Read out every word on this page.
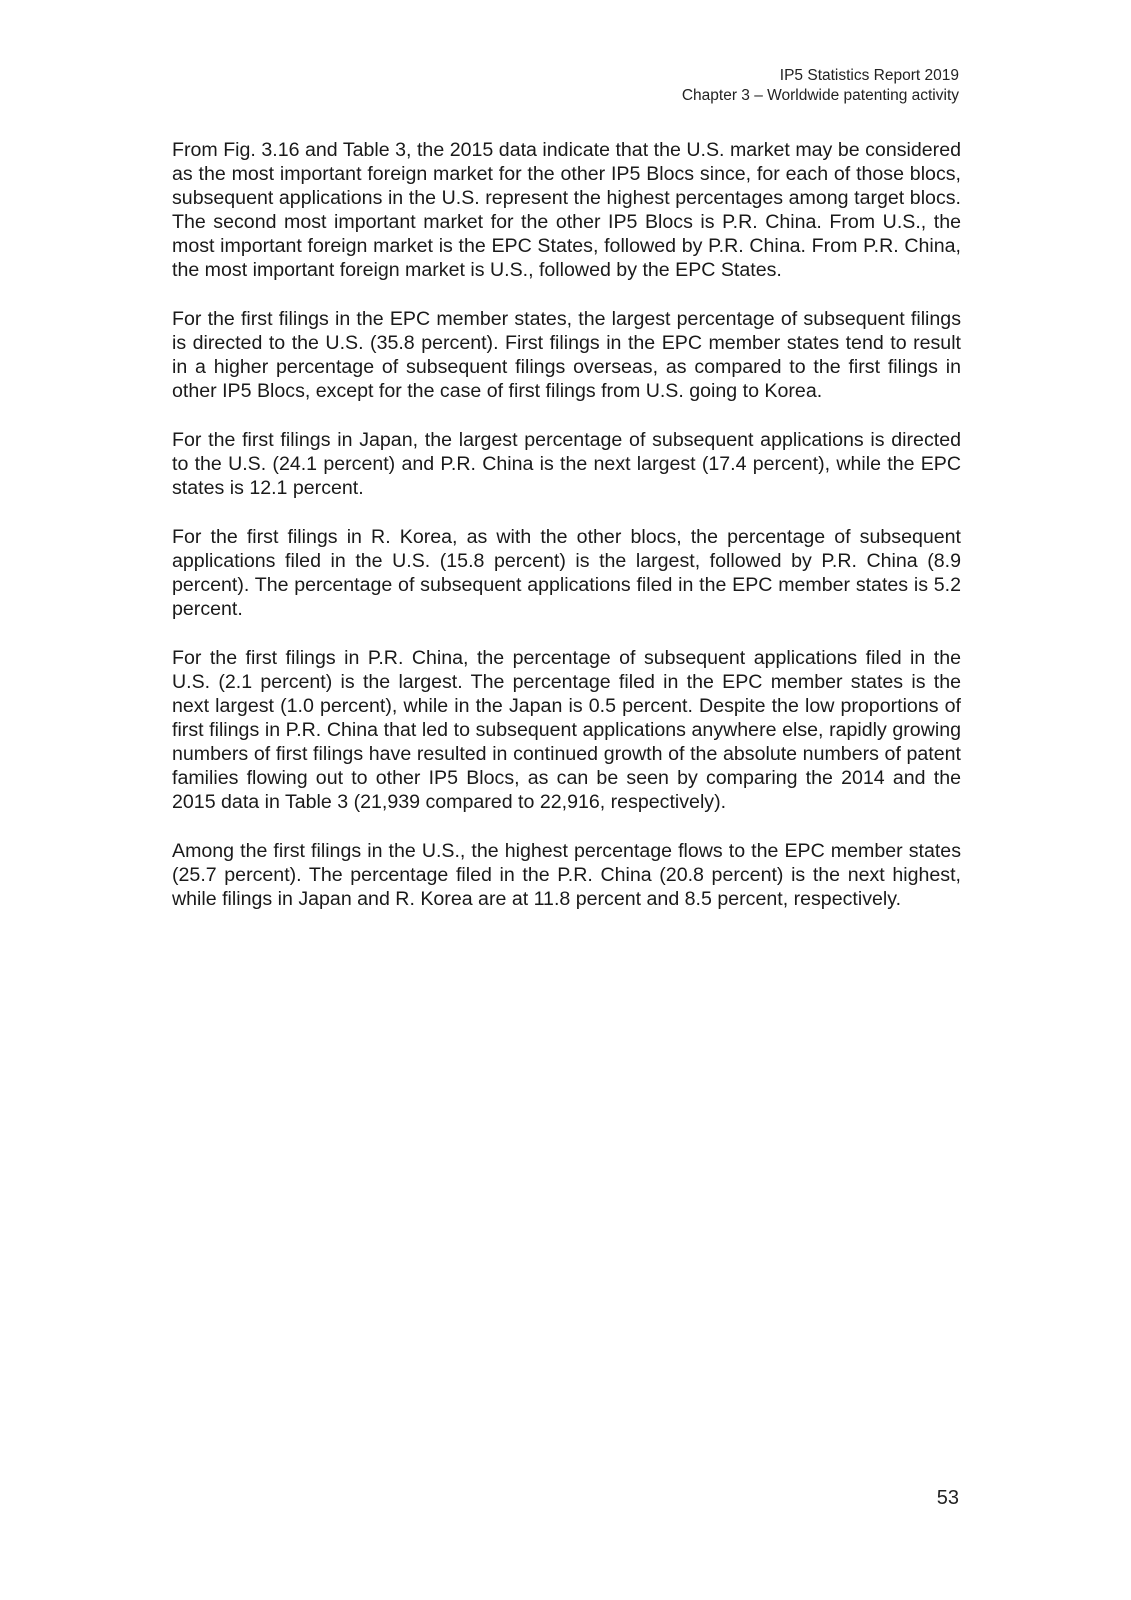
IP5 Statistics Report 2019
Chapter 3 – Worldwide patenting activity

From Fig. 3.16 and Table 3, the 2015 data indicate that the U.S. market may be considered as the most important foreign market for the other IP5 Blocs since, for each of those blocs, subsequent applications in the U.S. represent the highest percentages among target blocs. The second most important market for the other IP5 Blocs is P.R. China. From U.S., the most important foreign market is the EPC States, followed by P.R. China. From P.R. China, the most important foreign market is U.S., followed by the EPC States.

For the first filings in the EPC member states, the largest percentage of subsequent filings is directed to the U.S. (35.8 percent). First filings in the EPC member states tend to result in a higher percentage of subsequent filings overseas, as compared to the first filings in other IP5 Blocs, except for the case of first filings from U.S. going to Korea.

For the first filings in Japan, the largest percentage of subsequent applications is directed to the U.S. (24.1 percent) and P.R. China is the next largest (17.4 percent), while the EPC states is 12.1 percent.

For the first filings in R. Korea, as with the other blocs, the percentage of subsequent applications filed in the U.S. (15.8 percent) is the largest, followed by P.R. China (8.9 percent). The percentage of subsequent applications filed in the EPC member states is 5.2 percent.

For the first filings in P.R. China, the percentage of subsequent applications filed in the U.S. (2.1 percent) is the largest. The percentage filed in the EPC member states is the next largest (1.0 percent), while in the Japan is 0.5 percent. Despite the low proportions of first filings in P.R. China that led to subsequent applications anywhere else, rapidly growing numbers of first filings have resulted in continued growth of the absolute numbers of patent families flowing out to other IP5 Blocs, as can be seen by comparing the 2014 and the 2015 data in Table 3 (21,939 compared to 22,916, respectively).

Among the first filings in the U.S., the highest percentage flows to the EPC member states (25.7 percent). The percentage filed in the P.R. China (20.8 percent) is the next highest, while filings in Japan and R. Korea are at 11.8 percent and 8.5 percent, respectively.

53
